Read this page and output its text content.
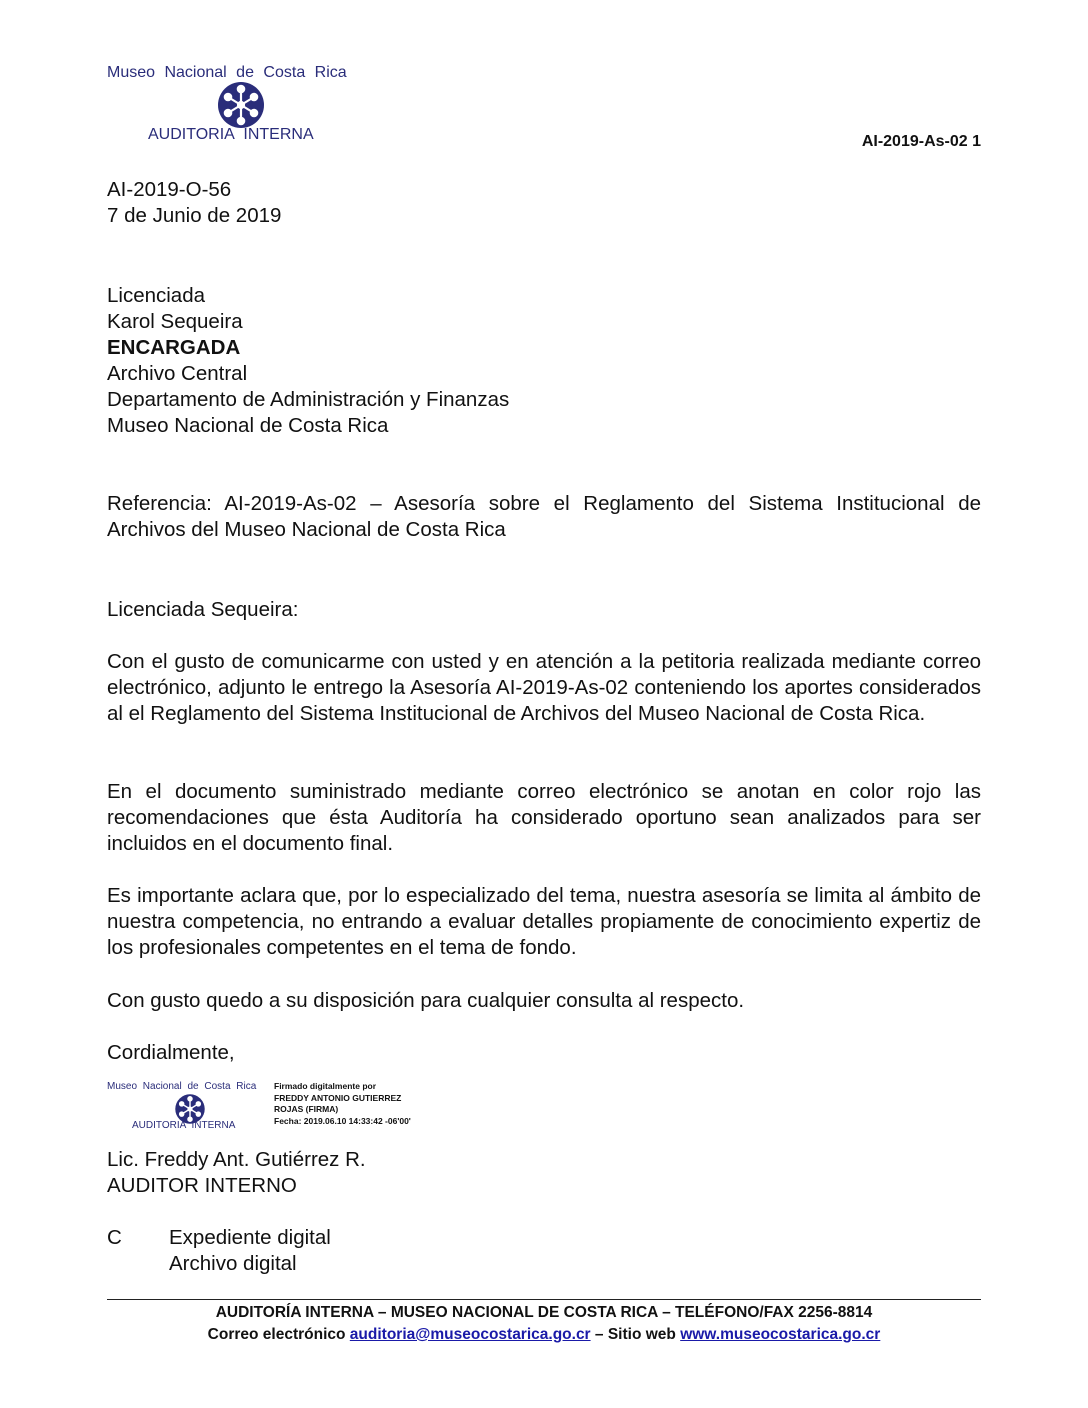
Museo Nacional de Costa Rica
AUDITORIA INTERNA	AI-2019-As-02 1
AI-2019-O-56
7 de Junio de 2019
Licenciada
Karol Sequeira
ENCARGADA
Archivo Central
Departamento de Administración y Finanzas
Museo Nacional de Costa Rica
Referencia: AI-2019-As-02 – Asesoría sobre el Reglamento del Sistema Institucional de
Archivos del Museo Nacional de Costa Rica
Licenciada Sequeira:
Con el gusto de comunicarme con usted y en atención a la petitoria realizada mediante correo electrónico, adjunto le entrego la Asesoría AI-2019-As-02 conteniendo los aportes considerados al el Reglamento del Sistema Institucional de Archivos del Museo Nacional de Costa Rica.
En el documento suministrado mediante correo electrónico se anotan en color rojo las recomendaciones que ésta Auditoría ha considerado oportuno sean analizados para ser incluidos en el documento final.
Es importante aclara que, por lo especializado del tema, nuestra asesoría se limita al ámbito de nuestra competencia, no entrando a evaluar detalles propiamente de conocimiento expertiz de los profesionales competentes en el tema de fondo.
Con gusto quedo a su disposición para cualquier consulta al respecto.
Cordialmente,
Museo Nacional de Costa Rica
AUDITORIA INTERNA
Firmado digitalmente por
FREDDY ANTONIO GUTIERREZ
ROJAS (FIRMA)
Fecha: 2019.06.10 14:33:42 -06'00'
Lic. Freddy Ant. Gutiérrez R.
AUDITOR INTERNO
C Expediente digital
Archivo digital
AUDITORÍA INTERNA – MUSEO NACIONAL DE COSTA RICA – TELÉFONO/FAX 2256-8814
Correo electrónico auditoria@museocostarica.go.cr – Sitio web www.museocostarica.go.cr
